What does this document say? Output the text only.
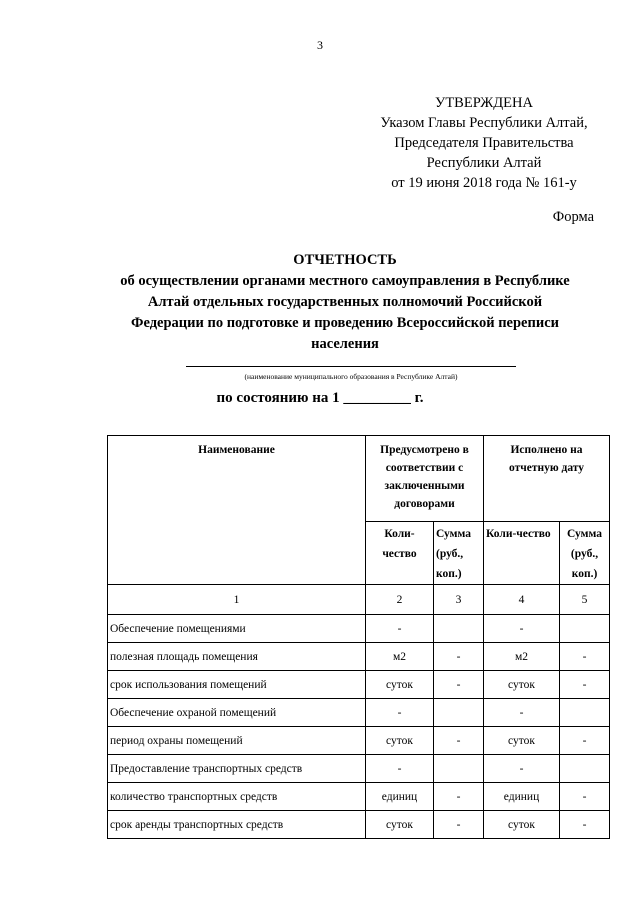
3
УТВЕРЖДЕНА
Указом Главы Республики Алтай,
Председателя Правительства
Республики Алтай
от 19 июня 2018 года № 161-у
Форма
ОТЧЕТНОСТЬ
об осуществлении органами местного самоуправления в Республике
Алтай отдельных государственных полномочий Российской
Федерации по подготовке и проведению Всероссийской переписи
населения
(наименование муниципального образования в Республике Алтай)
по состоянию на 1 _________ г.
Наименование	Предусмотрено в соответствии с заключенными договорами		Исполнено на отчетную дату	
	Коли-чество	Сумма (руб., коп.)	Коли-чество	Сумма (руб., коп.)
1	2	3	4	5
Обеспечение помещениями	-		-	
полезная площадь помещения	м2	-	м2	-
срок использования помещений	суток	-	суток	-
Обеспечение охраной помещений	-		-	
период охраны помещений	суток	-	суток	-
Предоставление транспортных средств	-		-	
количество транспортных средств	единиц	-	единиц	-
срок аренды транспортных средств	суток	-	суток	-
